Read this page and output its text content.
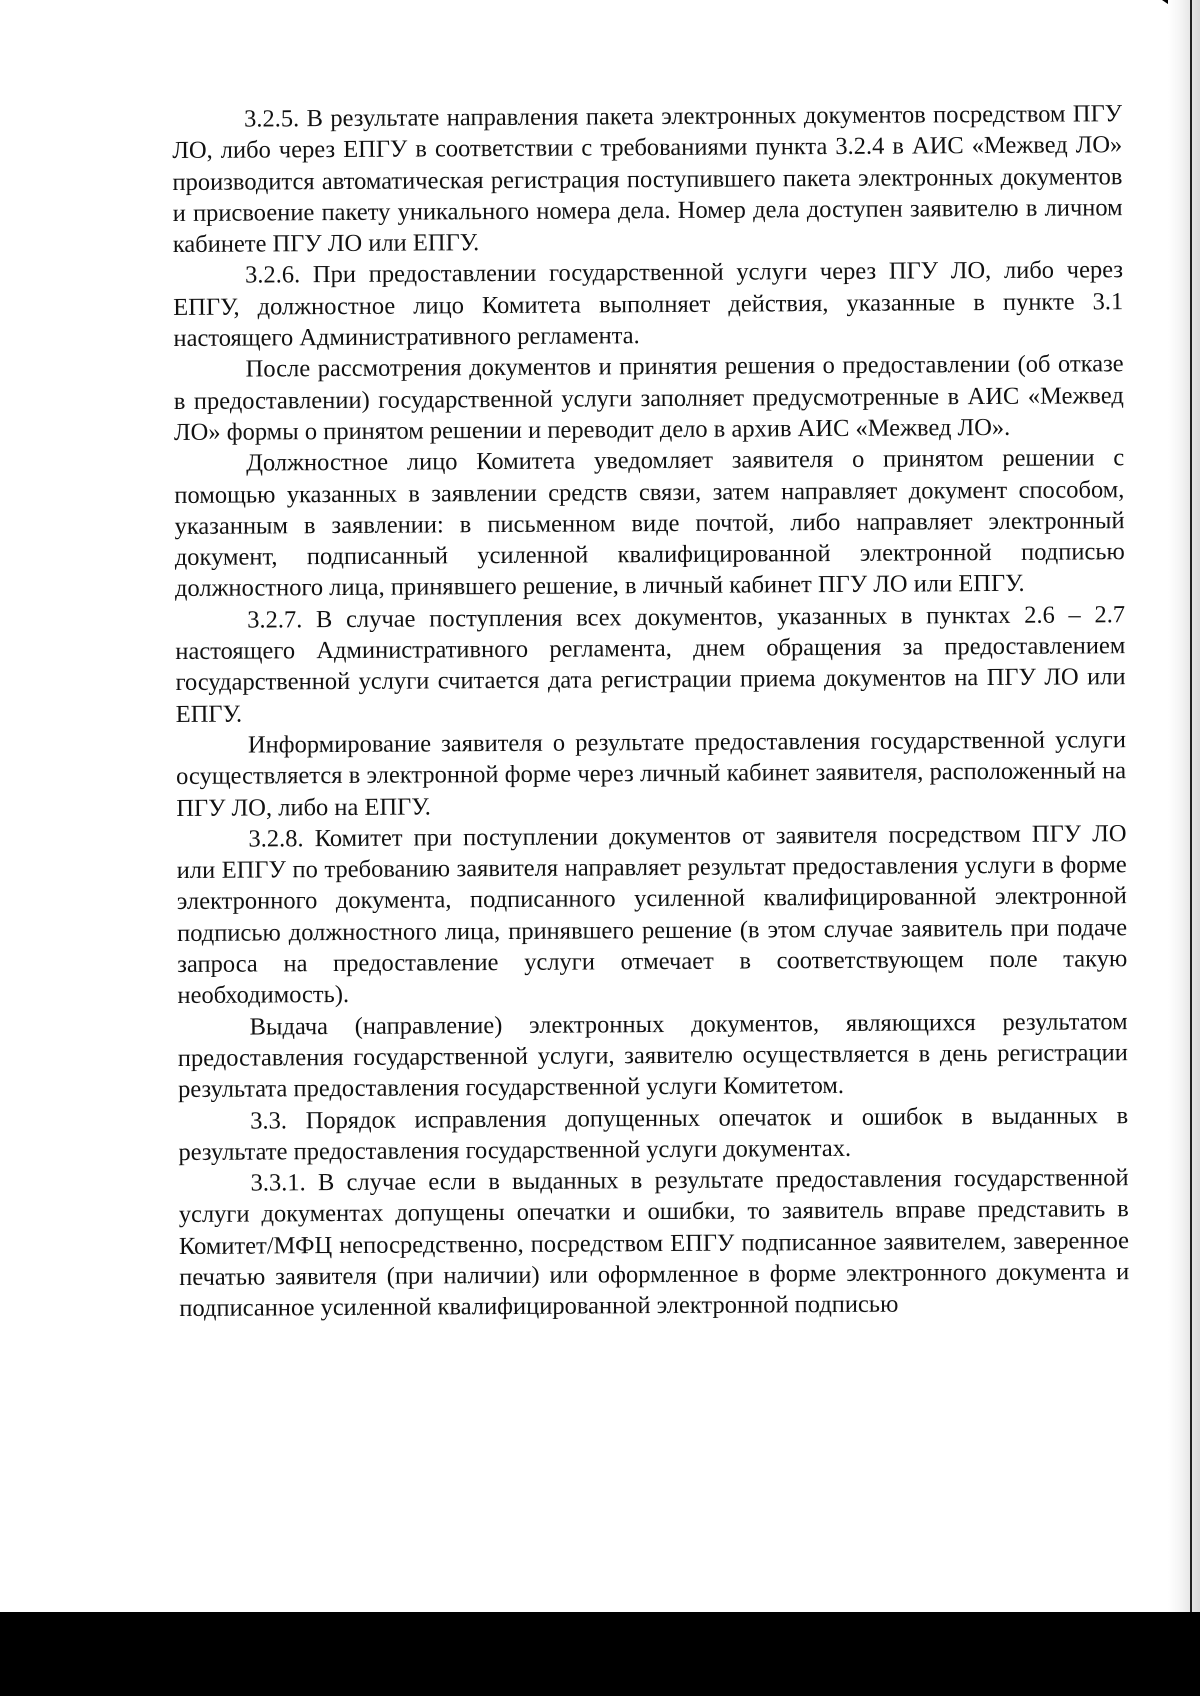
3.2.5. В результате направления пакета электронных документов посредством ПГУ ЛО, либо через ЕПГУ в соответствии с требованиями пункта 3.2.4 в АИС «Межвед ЛО» производится автоматическая регистрация поступившего пакета электронных документов и присвоение пакету уникального номера дела. Номер дела доступен заявителю в личном кабинете ПГУ ЛО или ЕПГУ.

3.2.6. При предоставлении государственной услуги через ПГУ ЛО, либо через ЕПГУ, должностное лицо Комитета выполняет действия, указанные в пункте 3.1 настоящего Административного регламента.

После рассмотрения документов и принятия решения о предоставлении (об отказе в предоставлении) государственной услуги заполняет предусмотренные в АИС «Межвед ЛО» формы о принятом решении и переводит дело в архив АИС «Межвед ЛО».

Должностное лицо Комитета уведомляет заявителя о принятом решении с помощью указанных в заявлении средств связи, затем направляет документ способом, указанным в заявлении: в письменном виде почтой, либо направляет электронный документ, подписанный усиленной квалифицированной электронной подписью должностного лица, принявшего решение, в личный кабинет ПГУ ЛО или ЕПГУ.

3.2.7. В случае поступления всех документов, указанных в пунктах 2.6 – 2.7 настоящего Административного регламента, днем обращения за предоставлением государственной услуги считается дата регистрации приема документов на ПГУ ЛО или ЕПГУ.

Информирование заявителя о результате предоставления государственной услуги осуществляется в электронной форме через личный кабинет заявителя, расположенный на ПГУ ЛО, либо на ЕПГУ.

3.2.8. Комитет при поступлении документов от заявителя посредством ПГУ ЛО или ЕПГУ по требованию заявителя направляет результат предоставления услуги в форме электронного документа, подписанного усиленной квалифицированной электронной подписью должностного лица, принявшего решение (в этом случае заявитель при подаче запроса на предоставление услуги отмечает в соответствующем поле такую необходимость).

Выдача (направление) электронных документов, являющихся результатом предоставления государственной услуги, заявителю осуществляется в день регистрации результата предоставления государственной услуги Комитетом.

3.3. Порядок исправления допущенных опечаток и ошибок в выданных в результате предоставления государственной услуги документах.

3.3.1. В случае если в выданных в результате предоставления государственной услуги документах допущены опечатки и ошибки, то заявитель вправе представить в Комитет/МФЦ непосредственно, посредством ЕПГУ подписанное заявителем, заверенное печатью заявителя (при наличии) или оформленное в форме электронного документа и подписанное усиленной квалифицированной электронной подписью
